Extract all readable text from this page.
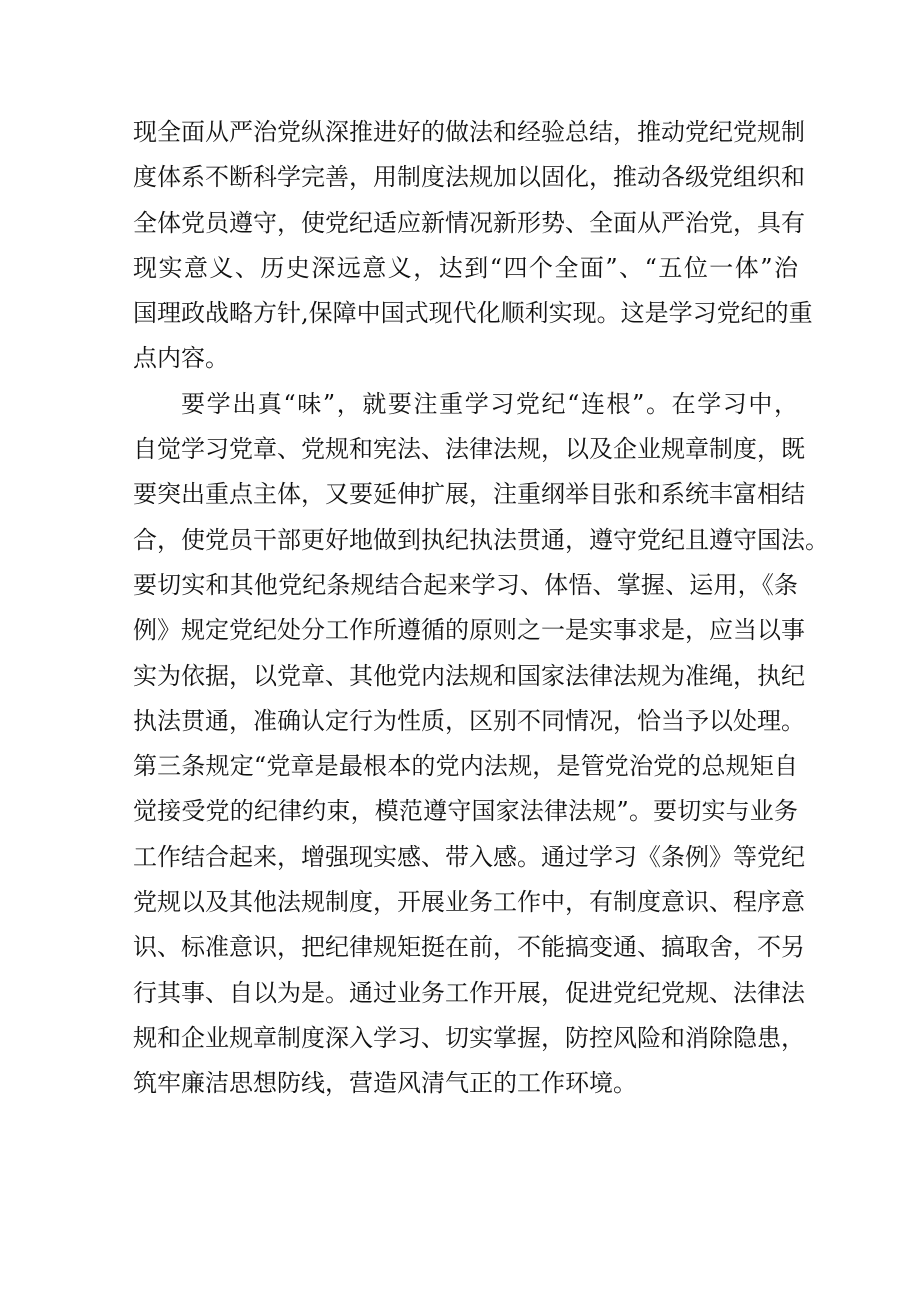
现全面从严治党纵深推进好的做法和经验总结，推动党纪党规制
度体系不断科学完善，用制度法规加以固化，推动各级党组织和
全体党员遵守，使党纪适应新情况新形势、全面从严治党，具有
现实意义、历史深远意义，达到“四个全面”、“五位一体”治
国理政战略方针,保障中国式现代化顺利实现。这是学习党纪的重
点内容。
要学出真“味”，就要注重学习党纪“连根”。在学习中，
自觉学习党章、党规和宪法、法律法规，以及企业规章制度，既
要突出重点主体，又要延伸扩展，注重纲举目张和系统丰富相结
合，使党员干部更好地做到执纪执法贯通，遵守党纪且遵守国法。
要切实和其他党纪条规结合起来学习、体悟、掌握、运用，《条
例》规定党纪处分工作所遵循的原则之一是实事求是，应当以事
实为依据，以党章、其他党内法规和国家法律法规为准绳，执纪
执法贯通，准确认定行为性质，区别不同情况，恰当予以处理。
第三条规定“党章是最根本的党内法规，是管党治党的总规矩自
觉接受党的纪律约束，模范遵守国家法律法规”。要切实与业务
工作结合起来，增强现实感、带入感。通过学习《条例》等党纪
党规以及其他法规制度，开展业务工作中，有制度意识、程序意
识、标准意识，把纪律规矩挺在前，不能搞变通、搞取舍，不另
行其事、自以为是。通过业务工作开展，促进党纪党规、法律法
规和企业规章制度深入学习、切实掌握，防控风险和消除隐患，
筑牢廉洁思想防线，营造风清气正的工作环境。
